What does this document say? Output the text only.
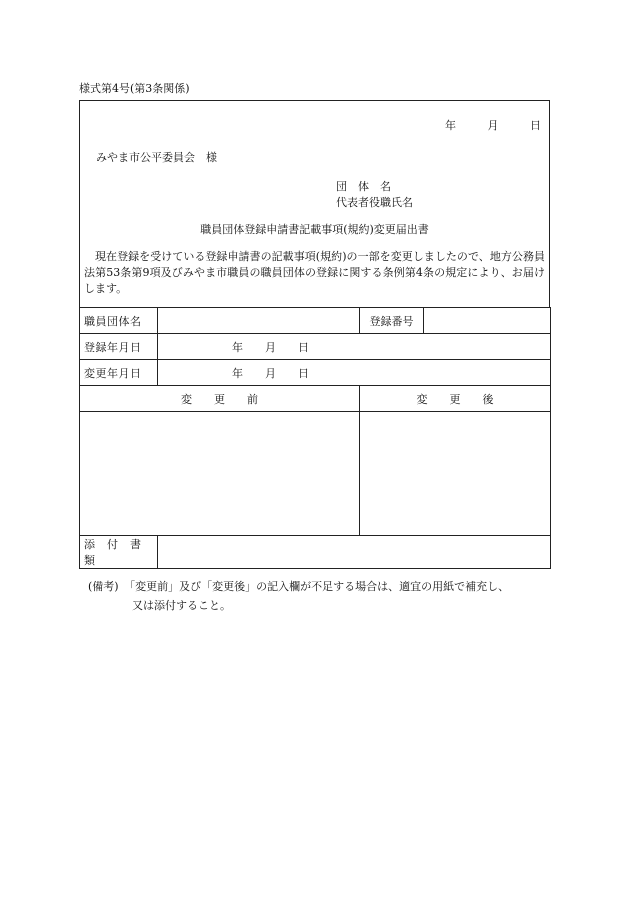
様式第4号(第3条関係)
年	月	日
みやま市公平委員会　様
団　体　名
代表者役職氏名
職員団体登録申請書記載事項(規約)変更届出書
現在登録を受けている登録申請書の記載事項(規約)の一部を変更しましたので、地方公務員法第53条第9項及びみやま市職員の職員団体の登録に関する条例第4条の規定により、お届けします。
職員団体名		登録番号	
登録年月日	年　　月　　日		
変更年月日	年　　月　　日		
変　　更　　前		変　　更　　後	

添　付　書　類			
(備考)　「変更前」及び「変更後」の記入欄が不足する場合は、適宜の用紙で補充し、
又は添付すること。
